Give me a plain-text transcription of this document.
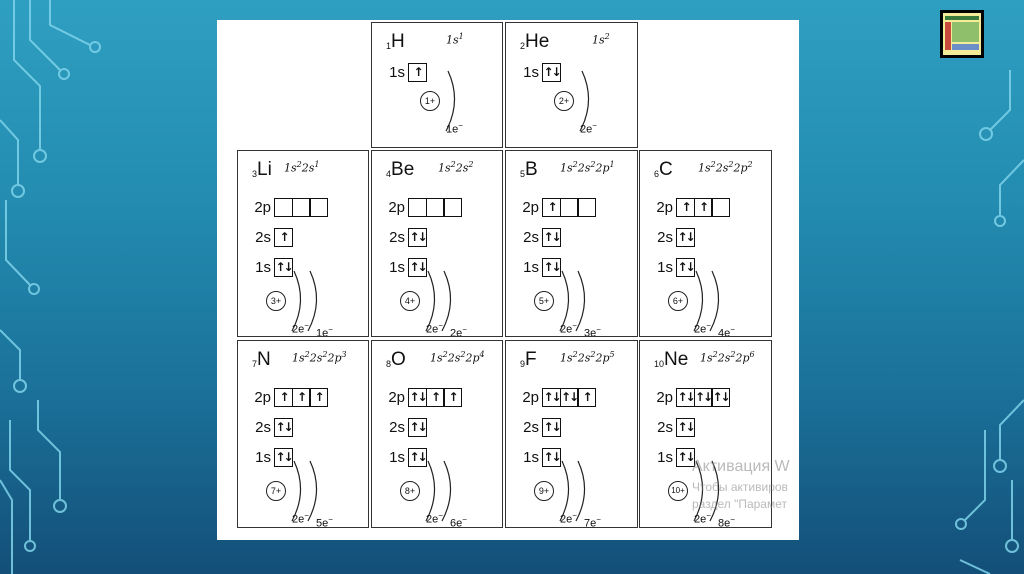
$_1$H	$1s^1$
1s ↑
1+
1e−
$_2$He	$1s^2$
1s ↑↓
2+
2e−
$_3$Li $1s^22s^1$
2p
2s ↑
1s ↑↓
3+
2e−
1e−
$_4$Be $1s^22s^2$
2p
2s ↑↓
1s ↑↓
4+
2e−
2e−
$_5$B $1s^22s^22p^1$
2p ↑
2s ↑↓
1s ↑↓
5+
2e−
3e−
$_6$C $1s^22s^22p^2$
2p ↑ ↑
2s ↑↓
1s ↑↓
6+
2e−
4e−
$_7$N $1s^22s^22p^3$
2p ↑ ↑ ↑
2s ↑↓
1s ↑↓
7+
2e−
5e−
$_8$O $1s^22s^22p^4$
2p ↑↓ ↑ ↑
2s ↑↓
1s ↑↓
8+
2e−
6e−
$_9$F $1s^22s^22p^5$
2p ↑↓ ↑↓ ↑
2s ↑↓
1s ↑↓
9+
2e−
7e−
$_{10}$Ne $1s^22s^22p^6$
2p ↑↓ ↑↓ ↑↓
2s ↑↓
1s ↑↓
10+
2e−
8e−
Активация W
Чтобы активиров
раздел "Парамет
